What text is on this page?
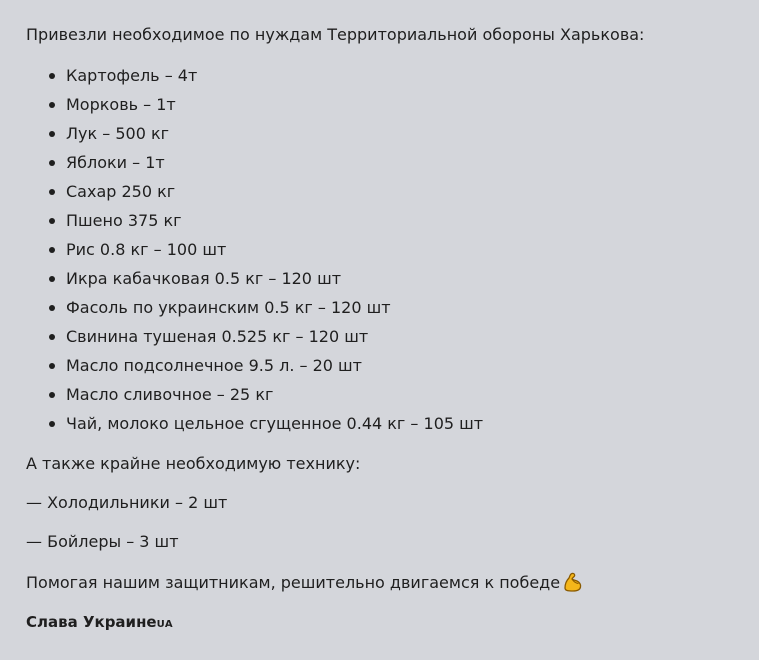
Привезли необходимое по нуждам Территориальной обороны Харькова:

Картофель – 4т
Морковь – 1т
Лук – 500 кг
Яблоки – 1т
Сахар 250 кг
Пшено 375 кг
Рис 0.8 кг – 100 шт
Икра кабачковая 0.5 кг – 120 шт
Фасоль по украинским 0.5 кг – 120 шт
Свинина тушеная 0.525 кг – 120 шт
Масло подсолнечное 9.5 л. – 20 шт
Масло сливочное – 25 кг
Чай, молоко цельное сгущенное 0.44 кг – 105 шт

А также крайне необходимую технику:

— Холодильники – 2 шт

— Бойлеры – 3 шт

Помогая нашим защитникам, решительно двигаемся к победе

Слава УкраинеUA
